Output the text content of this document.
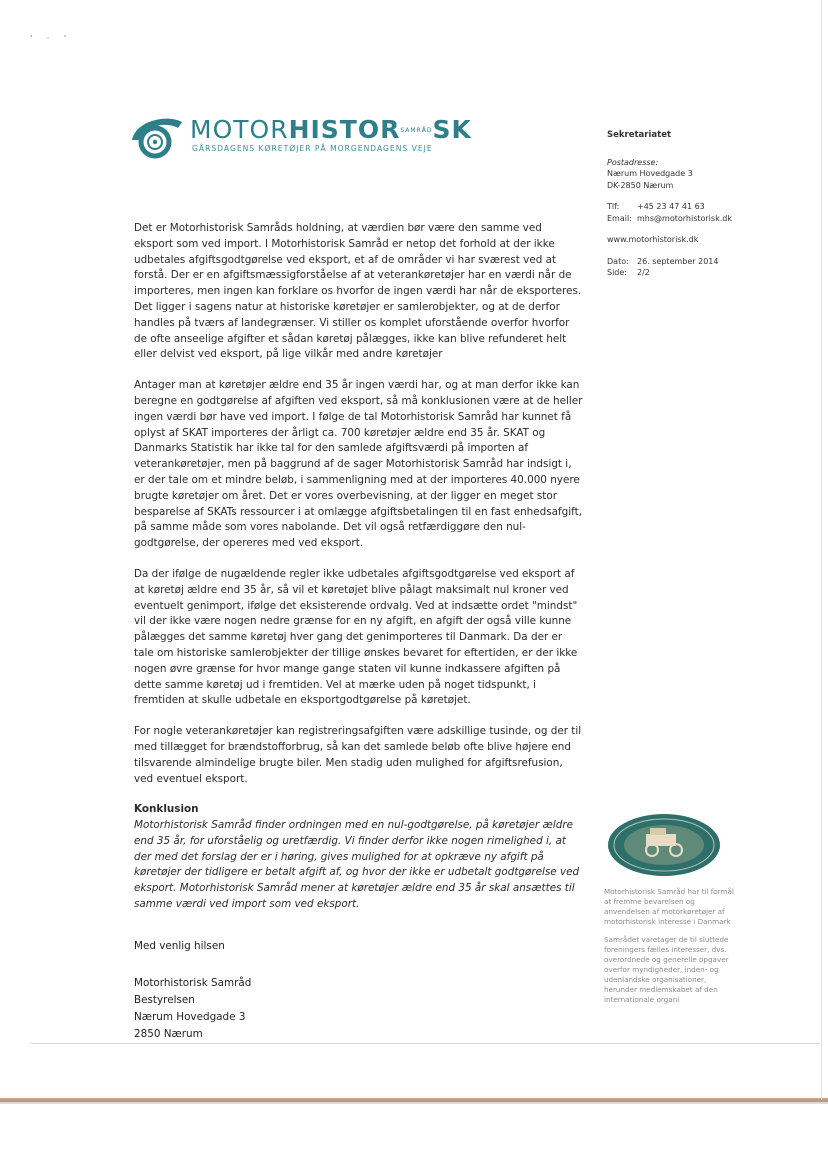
' · '
MOTORHISTORSAMRÅDSK
GÅRSDAGENS KØRETØJER PÅ MORGENDAGENS VEJE
Sekretariatet
Postadresse:
Nærum Hovedgade 3
DK-2850 Nærum
Tlf: +45 23 47 41 63
Email: mhs@motorhistorisk.dk
www.motorhistorisk.dk
Dato: 26. september 2014
Side: 2/2

Det er Motorhistorisk Samråds holdning, at værdien bør være den samme ved eksport som ved import. I Motorhistorisk Samråd er netop det forhold at der ikke udbetales afgiftsgodtgørelse ved eksport, et af de områder vi har sværest ved at forstå. Der er en afgiftsmæssigforståelse af at veterankøretøjer har en værdi når de importeres, men ingen kan forklare os hvorfor de ingen værdi har når de eksporteres. Det ligger i sagens natur at historiske køretøjer er samlerobjekter, og at de derfor handles på tværs af landegrænser. Vi stiller os komplet uforstående overfor hvorfor de ofte anseelige afgifter et sådan køretøj pålægges, ikke kan blive refunderet helt eller delvist ved eksport, på lige vilkår med andre køretøjer

Antager man at køretøjer ældre end 35 år ingen værdi har, og at man derfor ikke kan beregne en godtgørelse af afgiften ved eksport, så må konklusionen være at de heller ingen værdi bør have ved import. I følge de tal Motorhistorisk Samråd har kunnet få oplyst af SKAT importeres der årligt ca. 700 køretøjer ældre end 35 år. SKAT og Danmarks Statistik har ikke tal for den samlede afgiftsværdi på importen af veterankøretøjer, men på baggrund af de sager Motorhistorisk Samråd har indsigt i, er der tale om et mindre beløb, i sammenligning med at der importeres 40.000 nyere brugte køretøjer om året. Det er vores overbevisning, at der ligger en meget stor besparelse af SKATs ressourcer i at omlægge afgiftsbetalingen til en fast enhedsafgift, på samme måde som vores nabolande. Det vil også retfærdiggøre den nul-godtgørelse, der opereres med ved eksport.

Da der ifølge de nugældende regler ikke udbetales afgiftsgodtgørelse ved eksport af at køretøj ældre end 35 år, så vil et køretøjet blive pålagt maksimalt nul kroner ved eventuelt genimport, ifølge det eksisterende ordvalg. Ved at indsætte ordet "mindst" vil der ikke være nogen nedre grænse for en ny afgift, en afgift der også ville kunne pålægges det samme køretøj hver gang det genimporteres til Danmark. Da der er tale om historiske samlerobjekter der tillige ønskes bevaret for eftertiden, er der ikke nogen øvre grænse for hvor mange gange staten vil kunne indkassere afgiften på dette samme køretøj ud i fremtiden. Vel at mærke uden på noget tidspunkt, i fremtiden at skulle udbetale en eksportgodtgørelse på køretøjet.

For nogle veterankøretøjer kan registreringsafgiften være adskillige tusinde, og der til med tillægget for brændstofforbrug, så kan det samlede beløb ofte blive højere end tilsvarende almindelige brugte biler. Men stadig uden mulighed for afgiftsrefusion, ved eventuel eksport.

Konklusion

Motorhistorisk Samråd finder ordningen med en nul-godtgørelse, på køretøjer ældre end 35 år, for uforståelig og uretfærdig. Vi finder derfor ikke nogen rimelighed i, at der med det forslag der er i høring, gives mulighed for at opkræve ny afgift på køretøjer der tidligere er betalt afgift af, og hvor der ikke er udbetalt godtgørelse ved eksport. Motorhistorisk Samråd mener at køretøjer ældre end 35 år skal ansættes til samme værdi ved import som ved eksport.

Med venlig hilsen
Motorhistorisk Samråd
Bestyrelsen
Nærum Hovedgade 3
2850 Nærum

Motorhistorisk Samråd har til formål at fremme bevarelsen og anvendelsen af motorkøretøjer af motorhistorisk interesse i Danmark

Samrådet varetager de til sluttede foreningers fælles interesser, dvs. overordnede og generelle opgaver overfor myndigheder, inden- og udenlandske organisationer, herunder medlemskabet af den internationale organi
